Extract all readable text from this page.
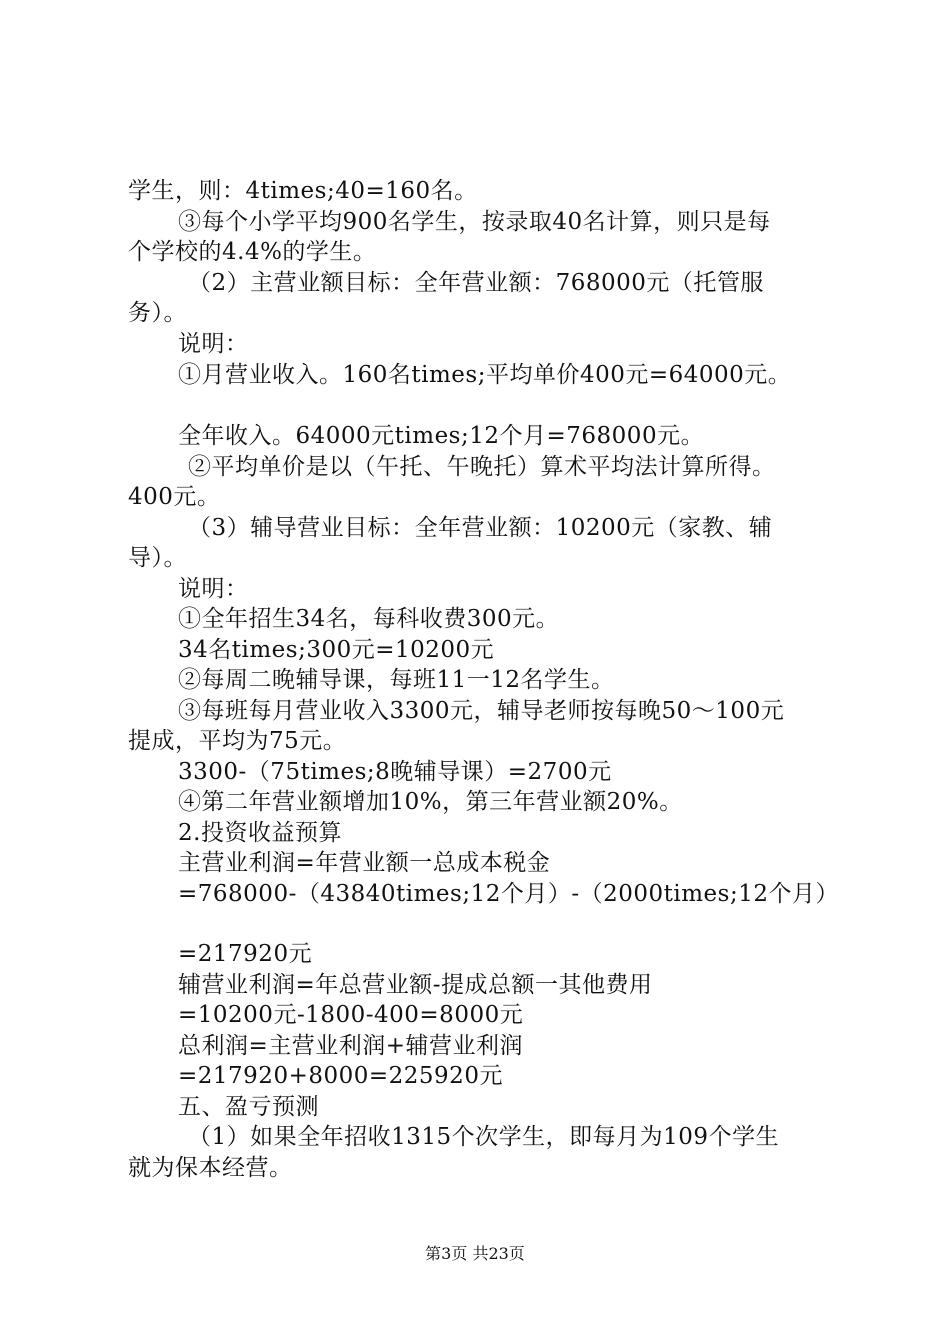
学生，则：4times;40=160名。
③每个小学平均900名学生，按录取40名计算，则只是每
个学校的4.4%的学生。
（2）主营业额目标：全年营业额：768000元（托管服
务）。
说明：
①月营业收入。160名times;平均单价400元=64000元。
全年收入。64000元times;12个月=768000元。
②平均单价是以（午托、午晚托）算术平均法计算所得。
400元。
（3）辅导营业目标：全年营业额：10200元（家教、辅
导）。
说明：
①全年招生34名，每科收费300元。
34名times;300元=10200元
②每周二晚辅导课，每班11一12名学生。
③每班每月营业收入3300元，辅导老师按每晚50～100元
提成，平均为75元。
3300-（75times;8晚辅导课）=2700元
④第二年营业额增加10%，第三年营业额20%。
2.投资收益预算
主营业利润=年营业额一总成本税金
=768000-（43840times;12个月）-（2000times;12个月）
=217920元
辅营业利润=年总营业额-提成总额一其他费用
=10200元-1800-400=8000元
总利润=主营业利润+辅营业利润
=217920+8000=225920元
五、盈亏预测
（1）如果全年招收1315个次学生，即每月为109个学生
就为保本经营。
第3页 共23页
